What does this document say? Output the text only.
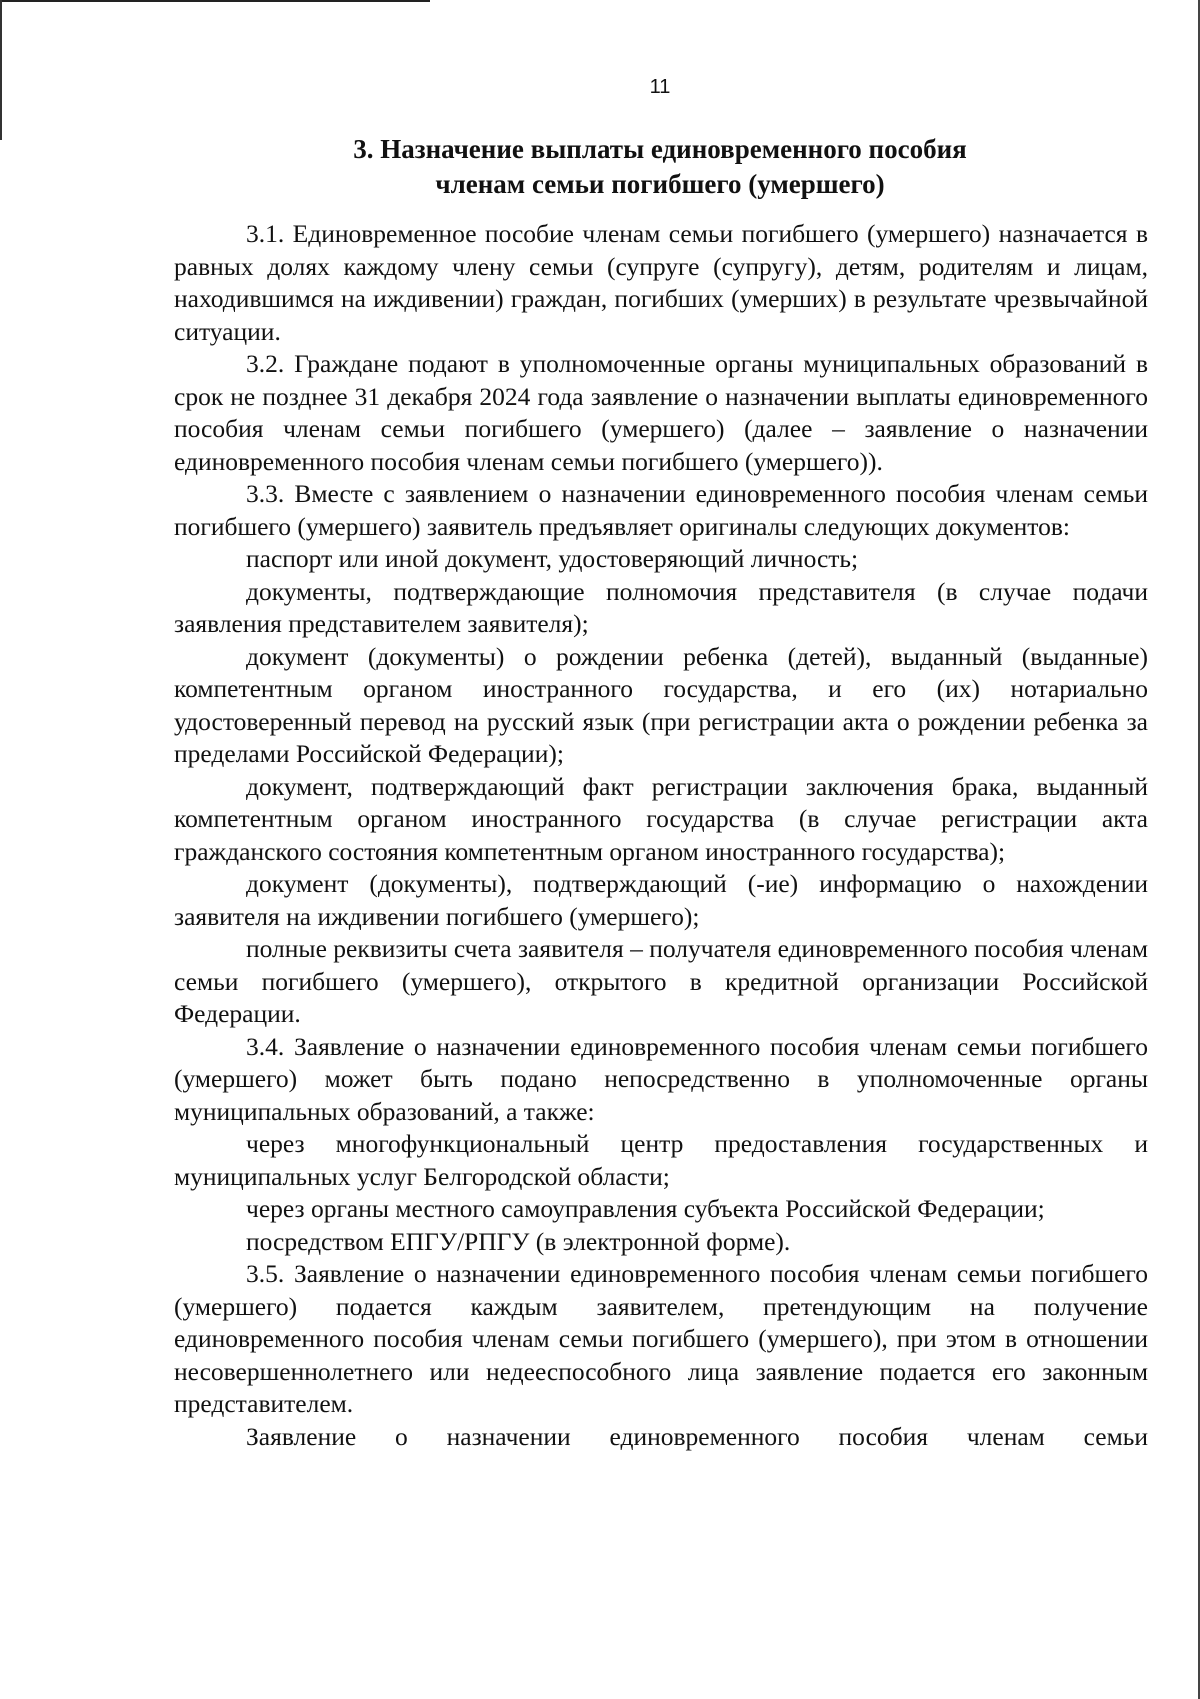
11
3. Назначение выплаты единовременного пособия
членам семьи погибшего (умершего)

3.1. Единовременное пособие членам семьи погибшего (умершего) назначается в равных долях каждому члену семьи (супруге (супругу), детям, родителям и лицам, находившимся на иждивении) граждан, погибших (умерших) в результате чрезвычайной ситуации.

3.2. Граждане подают в уполномоченные органы муниципальных образований в срок не позднее 31 декабря 2024 года заявление о назначении выплаты единовременного пособия членам семьи погибшего (умершего) (далее – заявление о назначении единовременного пособия членам семьи погибшего (умершего)).

3.3. Вместе с заявлением о назначении единовременного пособия членам семьи погибшего (умершего) заявитель предъявляет оригиналы следующих документов:

паспорт или иной документ, удостоверяющий личность;

документы, подтверждающие полномочия представителя (в случае подачи заявления представителем заявителя);

документ (документы) о рождении ребенка (детей), выданный (выданные) компетентным органом иностранного государства, и его (их) нотариально удостоверенный перевод на русский язык (при регистрации акта о рождении ребенка за пределами Российской Федерации);

документ, подтверждающий факт регистрации заключения брака, выданный компетентным органом иностранного государства (в случае регистрации акта гражданского состояния компетентным органом иностранного государства);

документ (документы), подтверждающий (-ие) информацию о нахождении заявителя на иждивении погибшего (умершего);

полные реквизиты счета заявителя – получателя единовременного пособия членам семьи погибшего (умершего), открытого в кредитной организации Российской Федерации.

3.4. Заявление о назначении единовременного пособия членам семьи погибшего (умершего) может быть подано непосредственно в уполномоченные органы муниципальных образований, а также:

через многофункциональный центр предоставления государственных и муниципальных услуг Белгородской области;

через органы местного самоуправления субъекта Российской Федерации;

посредством ЕПГУ/РПГУ (в электронной форме).

3.5. Заявление о назначении единовременного пособия членам семьи погибшего (умершего) подается каждым заявителем, претендующим на получение единовременного пособия членам семьи погибшего (умершего), при этом в отношении несовершеннолетнего или недееспособного лица заявление подается его законным представителем.

Заявление о назначении единовременного пособия членам семьи
